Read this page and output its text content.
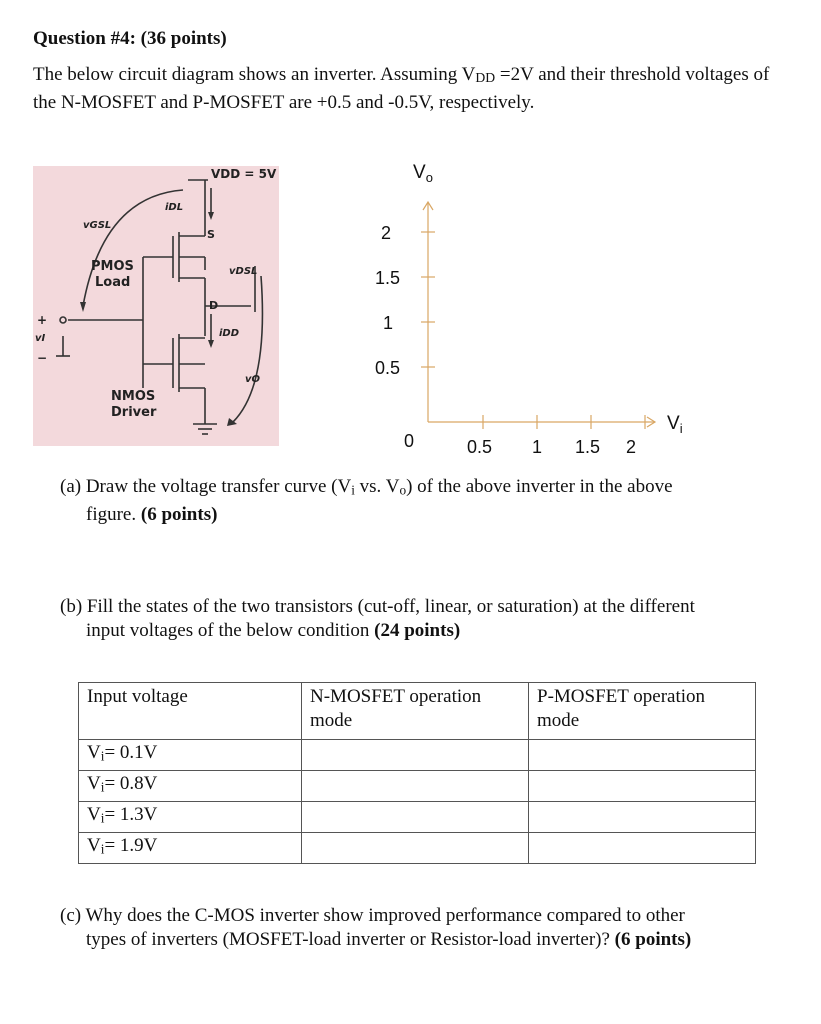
Question #4: (36 points)
The below circuit diagram shows an inverter. Assuming VDD =2V and their threshold voltages of the N-MOSFET and P-MOSFET are +0.5 and -0.5V, respectively.
VDD = 5V
vGSL
iDL
S
vDSL
PMOS
Load
D
iDD
vI
vO
NMOS
Driver
+
−
$V_o$
$V_i$
2
1.5
1
0.5
0	0.5 1 1.5 2
(a) Draw the voltage transfer curve (Vi vs. Vo) of the above inverter in the above
figure. (6 points)
(b) Fill the states of the two transistors (cut-off, linear, or saturation) at the different
input voltages of the below condition (24 points)
Input voltage	N-MOSFET operation mode	P-MOSFET operation mode
Vi= 0.1V		
Vi= 0.8V		
Vi= 1.3V		
Vi= 1.9V		
(c) Why does the C-MOS inverter show improved performance compared to other
types of inverters (MOSFET-load inverter or Resistor-load inverter)? (6 points)
